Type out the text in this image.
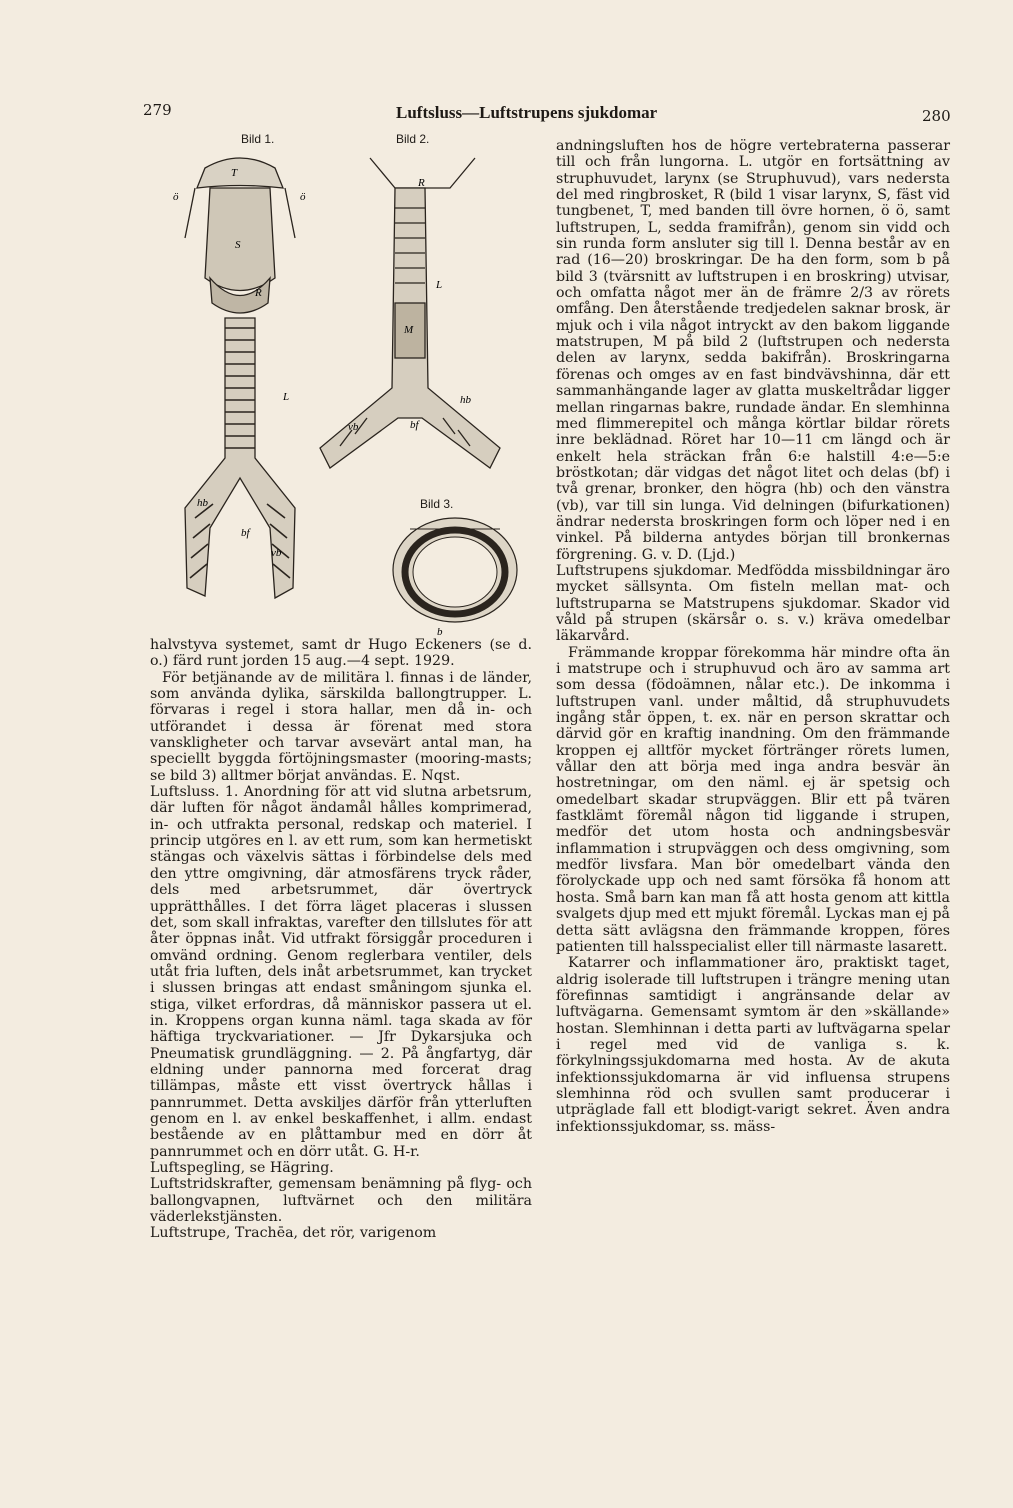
279	Luftsluss—Luftstrupens sjukdomar	280
Bild 1.
T
ö	ö
S
R
L
hb
bf
vb
Bild 2.
R
L
M
hb
vb	bf
Bild 3.
b

halvstyva systemet, samt dr Hugo Eckeners (se d. o.) färd runt jorden 15 aug.—4 sept. 1929.

För betjänande av de militära l. finnas i de länder, som använda dylika, särskilda ballongtrupper. L. förvaras i regel i stora hallar, men då in- och utförandet i dessa är förenat med stora vanskligheter och tarvar avsevärt antal man, ha speciellt byggda förtöjningsmaster (mooring-masts; se bild 3) alltmer börjat användas. E. Nqst.

Luftsluss. 1. Anordning för att vid slutna arbetsrum, där luften för något ändamål hålles komprimerad, in- och utfrakta personal, redskap och materiel. I princip utgöres en l. av ett rum, som kan hermetiskt stängas och växelvis sättas i förbindelse dels med den yttre omgivning, där atmosfärens tryck råder, dels med arbetsrummet, där övertryck upprätthålles. I det förra läget placeras i slussen det, som skall infraktas, varefter den tillslutes för att åter öppnas inåt. Vid utfrakt försiggår proceduren i omvänd ordning. Genom reglerbara ventiler, dels utåt fria luften, dels inåt arbetsrummet, kan trycket i slussen bringas att endast småningom sjunka el. stiga, vilket erfordras, då människor passera ut el. in. Kroppens organ kunna näml. taga skada av för häftiga tryckvariationer. — Jfr Dykarsjuka och Pneumatisk grundläggning. — 2. På ångfartyg, där eldning under pannorna med forcerat drag tillämpas, måste ett visst övertryck hållas i pannrummet. Detta avskiljes därför från ytterluften genom en l. av enkel beskaffenhet, i allm. endast bestående av en plåttambur med en dörr åt pannrummet och en dörr utåt. G. H-r.

Luftspegling, se Hägring.

Luftstridskrafter, gemensam benämning på flyg- och ballongvapnen, luftvärnet och den militära väderlekstjänsten.

Luftstrupe, Trachēa, det rör, varigenom

andningsluften hos de högre vertebraterna passerar till och från lungorna. L. utgör en fortsättning av struphuvudet, larynx (se Struphuvud), vars nedersta del med ringbrosket, R (bild 1 visar larynx, S, fäst vid tungbenet, T, med banden till övre hornen, ö ö, samt luftstrupen, L, sedda framifrån), genom sin vidd och sin runda form ansluter sig till l. Denna består av en rad (16—20) broskringar. De ha den form, som b på bild 3 (tvärsnitt av luftstrupen i en broskring) utvisar, och omfatta något mer än de främre 2/3 av rörets omfång. Den återstående tredjedelen saknar brosk, är mjuk och i vila något intryckt av den bakom liggande matstrupen, M på bild 2 (luftstrupen och nedersta delen av larynx, sedda bakifrån). Broskringarna förenas och omges av en fast bindvävshinna, där ett sammanhängande lager av glatta muskeltrådar ligger mellan ringarnas bakre, rundade ändar. En slemhinna med flimmerepitel och många körtlar bildar rörets inre beklädnad. Röret har 10—11 cm längd och är enkelt hela sträckan från 6:e halstill 4:e—5:e bröstkotan; där vidgas det något litet och delas (bf) i två grenar, bronker, den högra (hb) och den vänstra (vb), var till sin lunga. Vid delningen (bifurkationen) ändrar nedersta broskringen form och löper ned i en vinkel. På bilderna antydes början till bronkernas förgrening. G. v. D. (Ljd.)

Luftstrupens sjukdomar. Medfödda missbildningar äro mycket sällsynta. Om fisteln mellan mat- och luftstruparna se Matstrupens sjukdomar. Skador vid våld på strupen (skärsår o. s. v.) kräva omedelbar läkarvård.

Främmande kroppar förekomma här mindre ofta än i matstrupe och i struphuvud och äro av samma art som dessa (födoämnen, nålar etc.). De inkomma i luftstrupen vanl. under måltid, då struphuvudets ingång står öppen, t. ex. när en person skrattar och därvid gör en kraftig inandning. Om den främmande kroppen ej alltför mycket förtränger rörets lumen, vållar den att börja med inga andra besvär än hostretningar, om den näml. ej är spetsig och omedelbart skadar strupväggen. Blir ett på tvären fastklämt föremål någon tid liggande i strupen, medför det utom hosta och andningsbesvär inflammation i strupväggen och dess omgivning, som medför livsfara. Man bör omedelbart vända den förolyckade upp och ned samt försöka få honom att hosta. Små barn kan man få att hosta genom att kittla svalgets djup med ett mjukt föremål. Lyckas man ej på detta sätt avlägsna den främmande kroppen, föres patienten till halsspecialist eller till närmaste lasarett.

Katarrer och inflammationer äro, praktiskt taget, aldrig isolerade till luftstrupen i trängre mening utan förefinnas samtidigt i angränsande delar av luftvägarna. Gemensamt symtom är den »skällande» hostan. Slemhinnan i detta parti av luftvägarna spelar i regel med vid de vanliga s. k. förkylningssjukdomarna med hosta. Av de akuta infektionssjukdomarna är vid influensa strupens slemhinna röd och svullen samt producerar i utpräglade fall ett blodigt-varigt sekret. Även andra infektionssjukdomar, ss. mäss-
